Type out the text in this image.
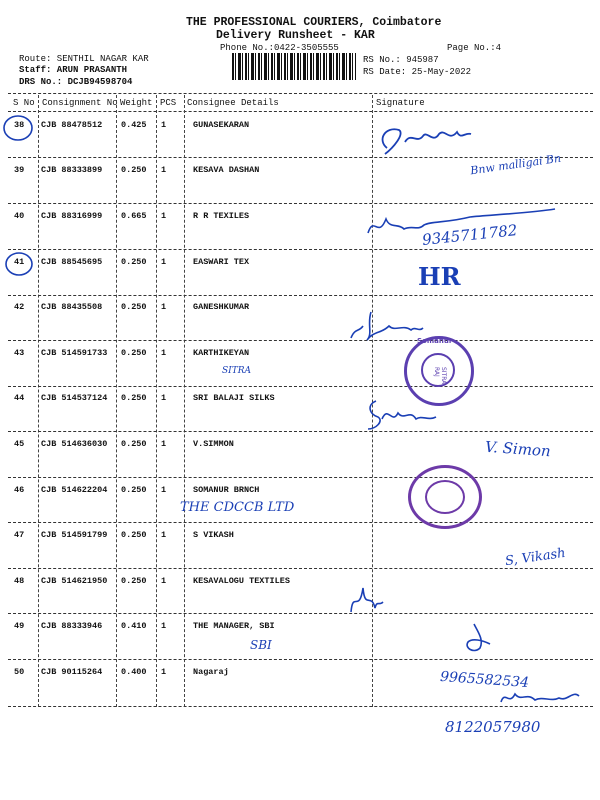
THE PROFESSIONAL COURIERS, Coimbatore
Delivery Runsheet - KAR
Phone No.:0422-3505555	Page No.:4
Route: SENTHIL NAGAR KAR
Staff: ARUN PRASANTH
DRS No.: DCJB94598704
RS No.: 945987
RS Date: 25-May-2022
S No Consignment No Weight PCS Consignee Details	Signature
38 CJB 88478512 0.425 1	GUNASEKARAN
39 CJB 88333899 0.250 1	KESAVA DASHAN
40 CJB 88316999 0.665 1	R R TEXILES
41 CJB 88545695 0.250 1	EASWARI TEX
42 CJB 88435508 0.250 1	GANESHKUMAR
43 CJB 514591733 0.250 1	KARTHIKEYAN
44 CJB 514537124 0.250 1	SRI BALAJI SILKS
45 CJB 514636030 0.250 1	V.SIMMON
46 CJB 514622204 0.250 1	SOMANUR BRNCH
47 CJB 514591799 0.250 1	S VIKASH
48 CJB 514621950 0.250 1	KESAVALOGU TEXTILES
49 CJB 88333946 0.410 1	THE MANAGER, SBI
50 CJB 90115264 0.400 1	Nagaraj
Bnw malligai Bn
9345711782
HR
SITRA
V. Simon
THE CDCCB LTD
S, Vikash
SBI
9965582534
8122057980
Somanur
SITRA RAJ
